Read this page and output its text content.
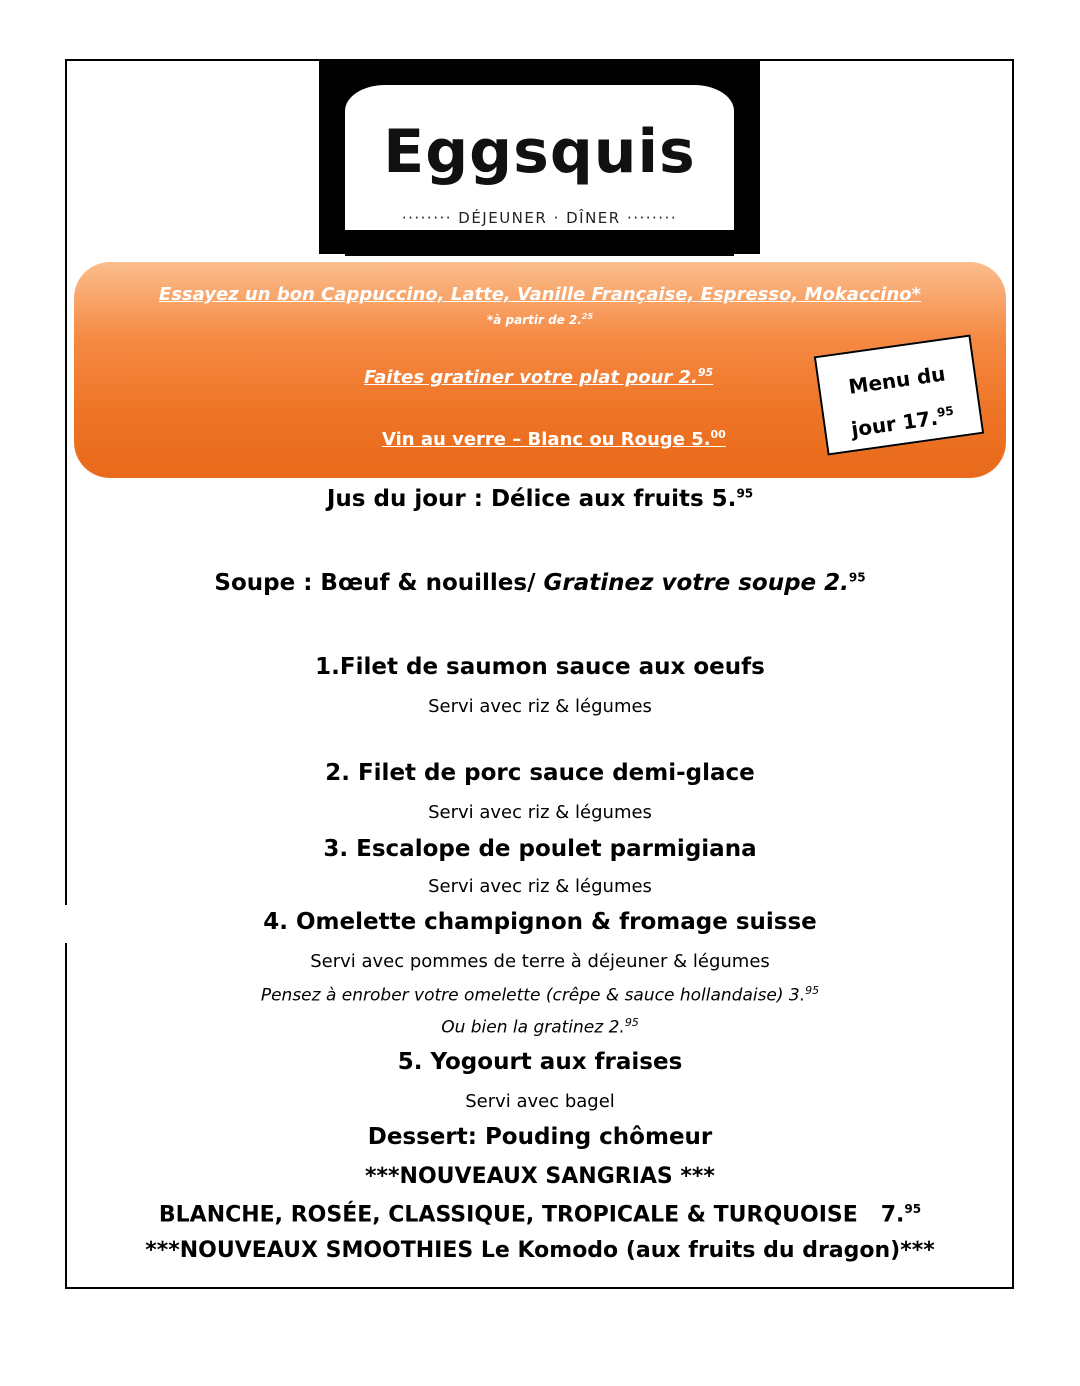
Eggsquis
········ DÉJEUNER · DÎNER ········
Essayez un bon Cappuccino, Latte, Vanille Française, Espresso, Mokaccino*
*à partir de 2.25
Faites gratiner votre plat pour 2.95
Vin au verre – Blanc ou Rouge 5.00
Menu du
jour 17.95
Jus du jour : Délice aux fruits 5.95
Soupe : Bœuf & nouilles/ Gratinez votre soupe 2.95
1.Filet de saumon sauce aux oeufs
Servi avec riz & légumes
2. Filet de porc sauce demi-glace
Servi avec riz & légumes
3. Escalope de poulet parmigiana
Servi avec riz & légumes
4. Omelette champignon & fromage suisse
Servi avec pommes de terre à déjeuner & légumes
Pensez à enrober votre omelette (crêpe & sauce hollandaise) 3.95
Ou bien la gratinez 2.95
5. Yogourt aux fraises
Servi avec bagel
Dessert: Pouding chômeur
***NOUVEAUX SANGRIAS ***
BLANCHE, ROSÉE, CLASSIQUE, TROPICALE & TURQUOISE   7.95
***NOUVEAUX SMOOTHIES Le Komodo (aux fruits du dragon)***
